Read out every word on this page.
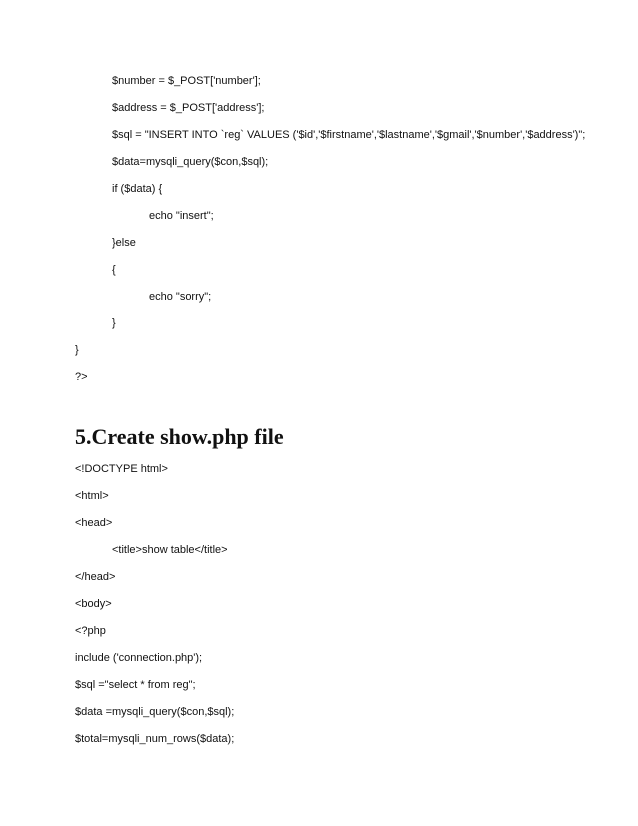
$number = $_POST['number'];
$address = $_POST['address'];
$sql = "INSERT INTO `reg` VALUES ('$id','$firstname','$lastname','$gmail','$number','$address')";
$data=mysqli_query($con,$sql);
if ($data) {
echo "insert";
}else
{
echo "sorry";
}
}
?>
5.Create show.php file
<!DOCTYPE html>
<html>
<head>
<title>show table</title>
</head>
<body>
<?php
include ('connection.php');
$sql ="select * from reg";
$data =mysqli_query($con,$sql);
$total=mysqli_num_rows($data);
